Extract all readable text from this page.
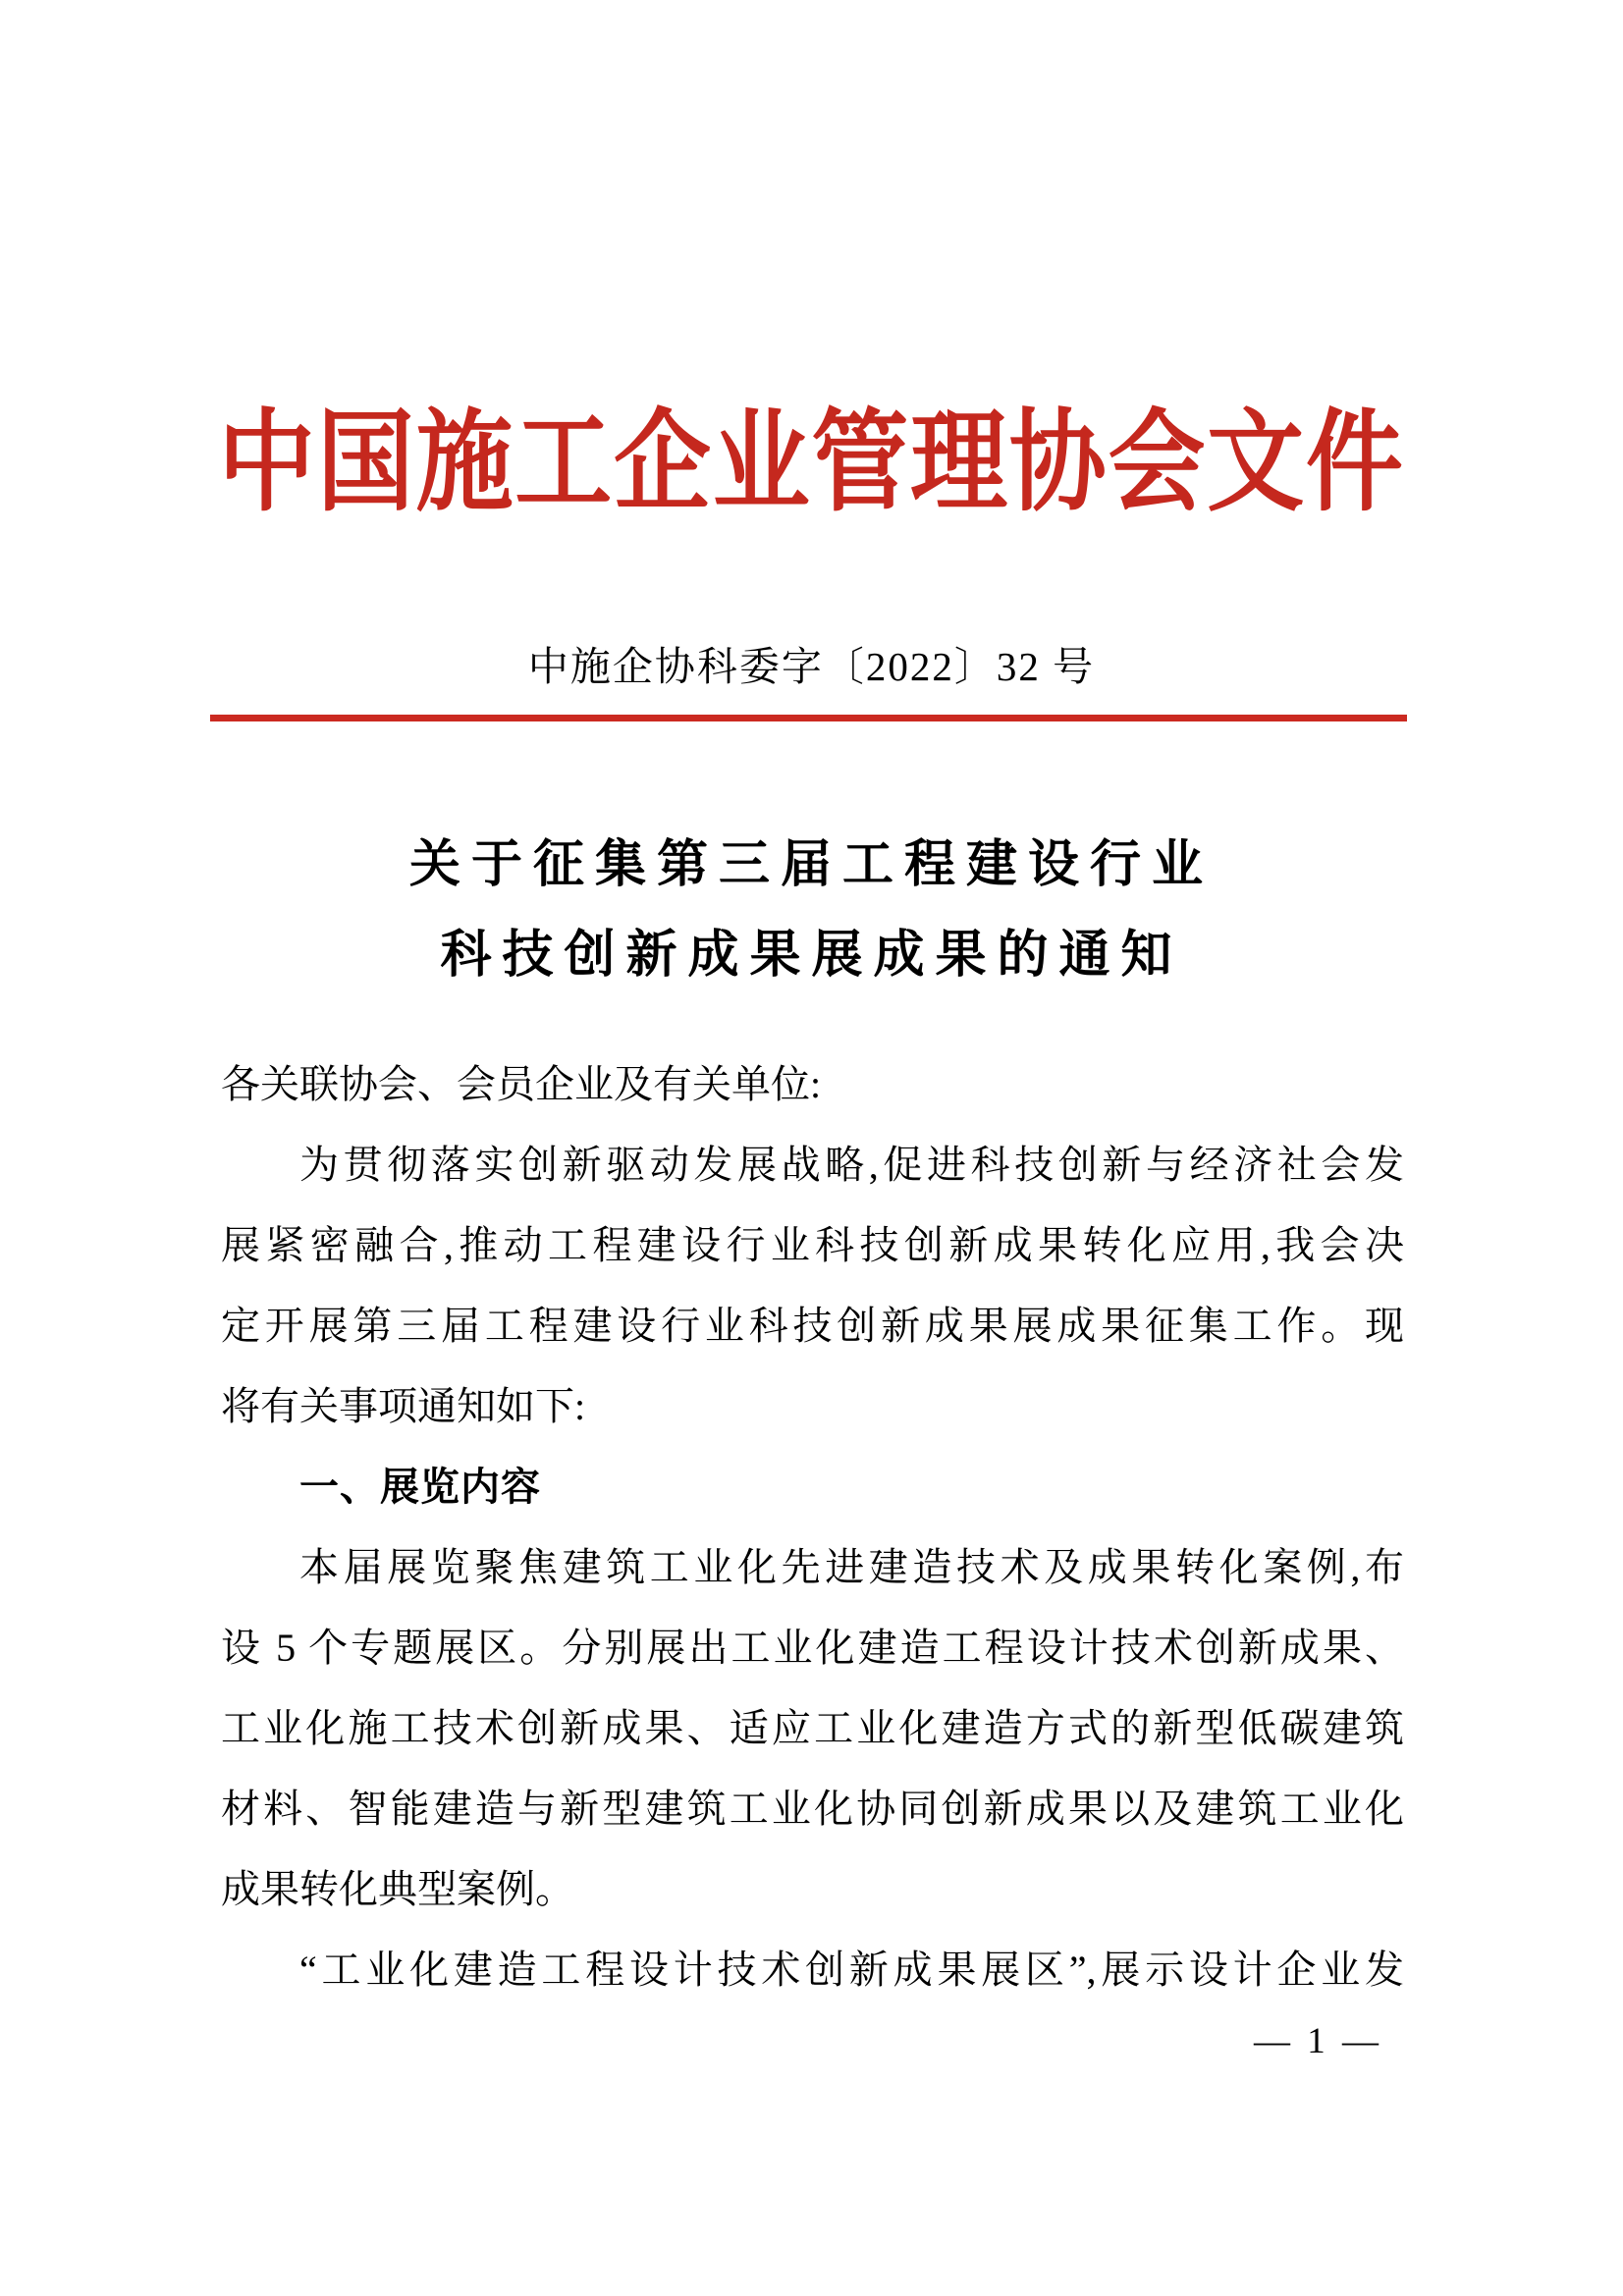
中国施工企业管理协会文件
中施企协科委字〔2022〕32 号
关于征集第三届工程建设行业
科技创新成果展成果的通知
各关联协会、会员企业及有关单位:
为贯彻落实创新驱动发展战略,促进科技创新与经济社会发
展紧密融合,推动工程建设行业科技创新成果转化应用,我会决
定开展第三届工程建设行业科技创新成果展成果征集工作。现
将有关事项通知如下:
一、展览内容
本届展览聚焦建筑工业化先进建造技术及成果转化案例,布
设 5 个专题展区。分别展出工业化建造工程设计技术创新成果、
工业化施工技术创新成果、适应工业化建造方式的新型低碳建筑
材料、智能建造与新型建筑工业化协同创新成果以及建筑工业化
成果转化典型案例。
“工业化建造工程设计技术创新成果展区”,展示设计企业发
— 1 —
